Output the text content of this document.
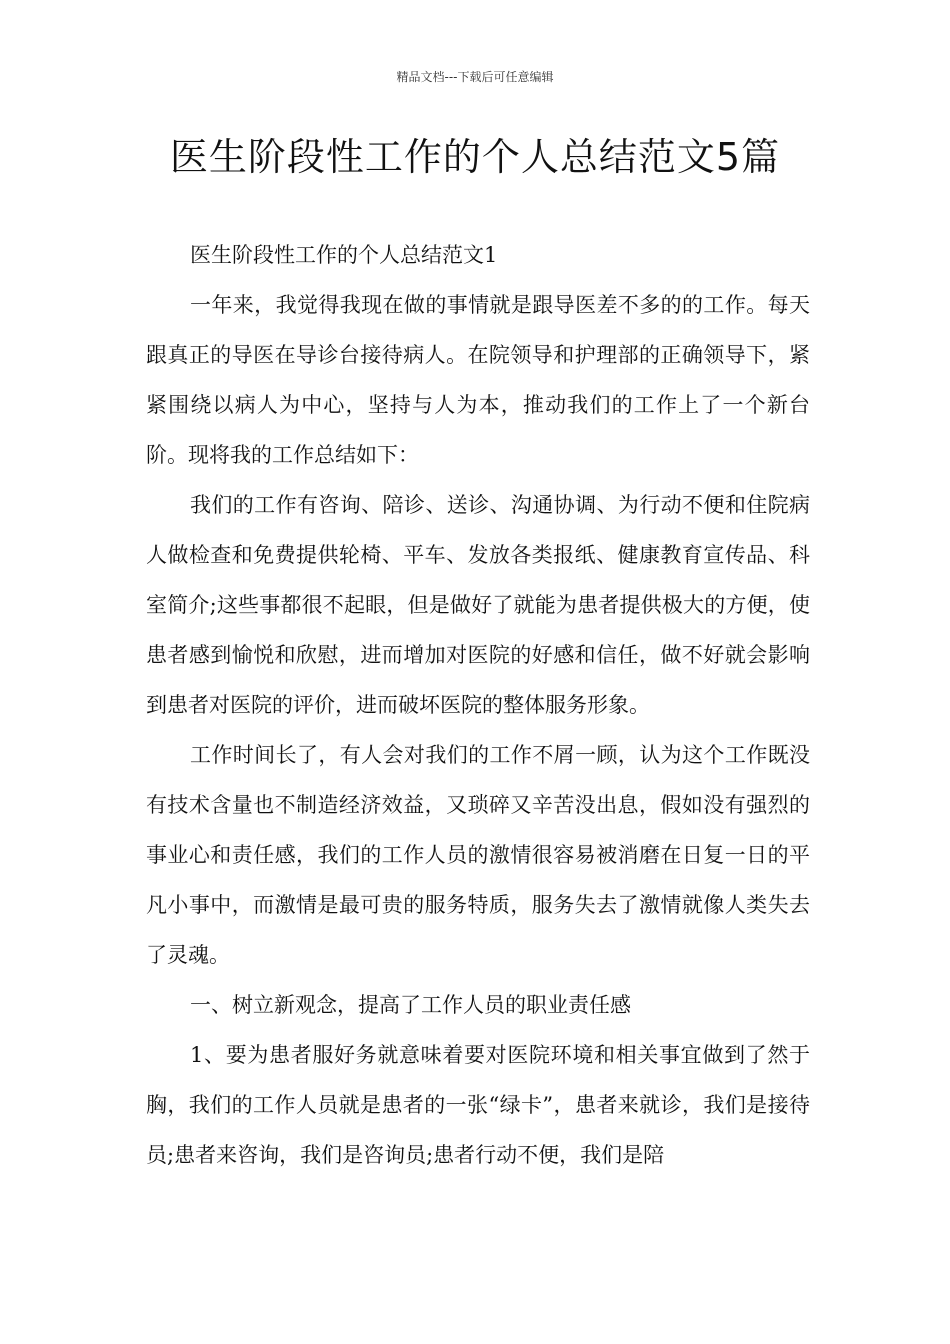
精品文档---下载后可任意编辑
医生阶段性工作的个人总结范文5篇

医生阶段性工作的个人总结范文1

一年来，我觉得我现在做的事情就是跟导医差不多的的工作。每天跟真正的导医在导诊台接待病人。在院领导和护理部的正确领导下，紧紧围绕以病人为中心，坚持与人为本，推动我们的工作上了一个新台阶。现将我的工作总结如下：

我们的工作有咨询、陪诊、送诊、沟通协调、为行动不便和住院病人做检查和免费提供轮椅、平车、发放各类报纸、健康教育宣传品、科室简介;这些事都很不起眼，但是做好了就能为患者提供极大的方便，使患者感到愉悦和欣慰，进而增加对医院的好感和信任，做不好就会影响到患者对医院的评价，进而破坏医院的整体服务形象。

工作时间长了，有人会对我们的工作不屑一顾，认为这个工作既没有技术含量也不制造经济效益，又琐碎又辛苦没出息，假如没有强烈的事业心和责任感，我们的工作人员的激情很容易被消磨在日复一日的平凡小事中，而激情是最可贵的服务特质，服务失去了激情就像人类失去了灵魂。

一、树立新观念，提高了工作人员的职业责任感

1、要为患者服好务就意味着要对医院环境和相关事宜做到了然于胸，我们的工作人员就是患者的一张“绿卡”，患者来就诊，我们是接待员;患者来咨询，我们是咨询员;患者行动不便，我们是陪
